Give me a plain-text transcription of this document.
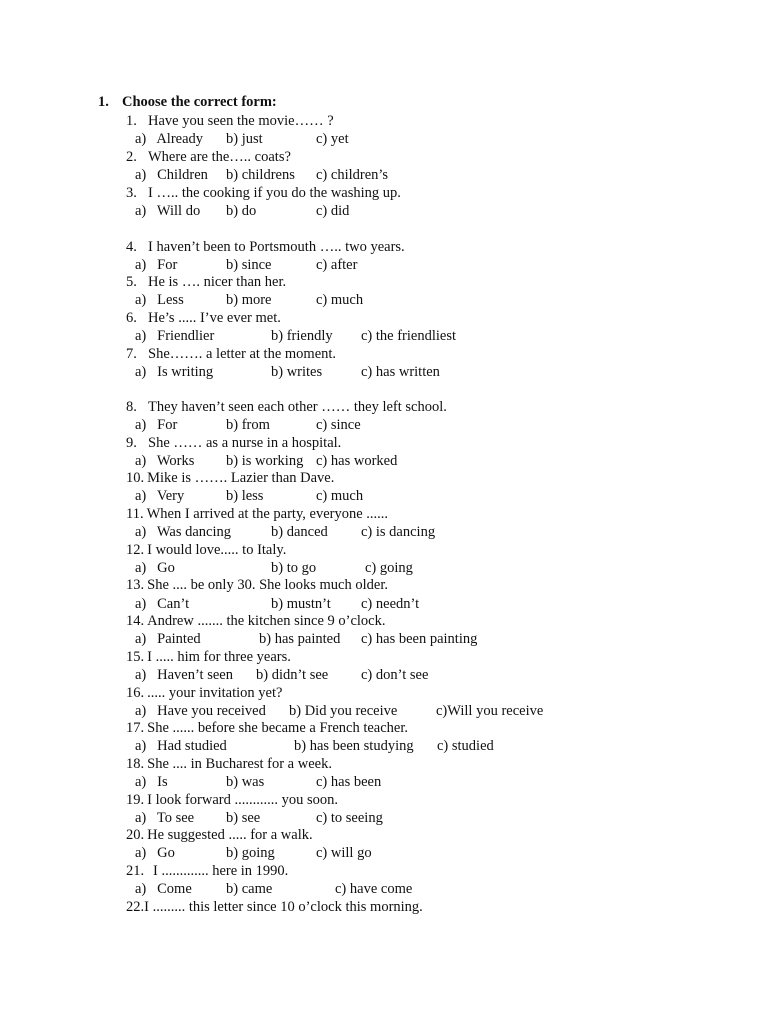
1. Choose the correct form:
1. Have you seen the movie…… ?
a)   Already b) just	c) yet
2. Where are the….. coats?
a)   Children b) childrens c) children’s
3. I ….. the cooking if you do the washing up.
a)   Will do b) do	c) did
4. I haven’t been to Portsmouth ….. two years.
a)   For	b) since	c) after
5. He is …. nicer than her.
a)   Less	b) more	c) much
6. He’s ..... I’ve ever met.
a)   Friendlier	b) friendly c) the friendliest
7. She……. a letter at the moment.
a)   Is writing	b) writes	c) has written
8. They haven’t seen each other …… they left school.
a)   For	b) from	c) since
9. She …… as a nurse in a hospital.
a)   Works b) is working c) has worked
10. Mike is ……. Lazier than Dave.
a)   Very	b) less	c) much
11. When I arrived at the party, everyone ......
a)   Was dancing	b) danced c) is dancing
12. I would love..... to Italy.
a)   Go	b) to go	c) going
13. She .... be only 30. She looks much older.
a)   Can’t	b) mustn’t c) needn’t
14. Andrew ....... the kitchen since 9 o’clock.
a)   Painted	b) has painted c) has been painting
15. I ..... him for three years.
a)   Haven’t seen b) didn’t see c) don’t see
16. ..... your invitation yet?
a)   Have you received b) Did you receive	c)Will you receive
17. She ...... before she became a French teacher.
a)   Had studied	b) has been studying c) studied
18. She .... in Bucharest for a week.
a)   Is	b) was	c) has been
19. I look forward ............ you soon.
a)   To see b) see	c) to seeing
20. He suggested ..... for a walk.
a)   Go	b) going	c) will go
21. I ............. here in 1990.
a)   Come b) came	c) have come
22.I ......... this letter since 10 o’clock this morning.
